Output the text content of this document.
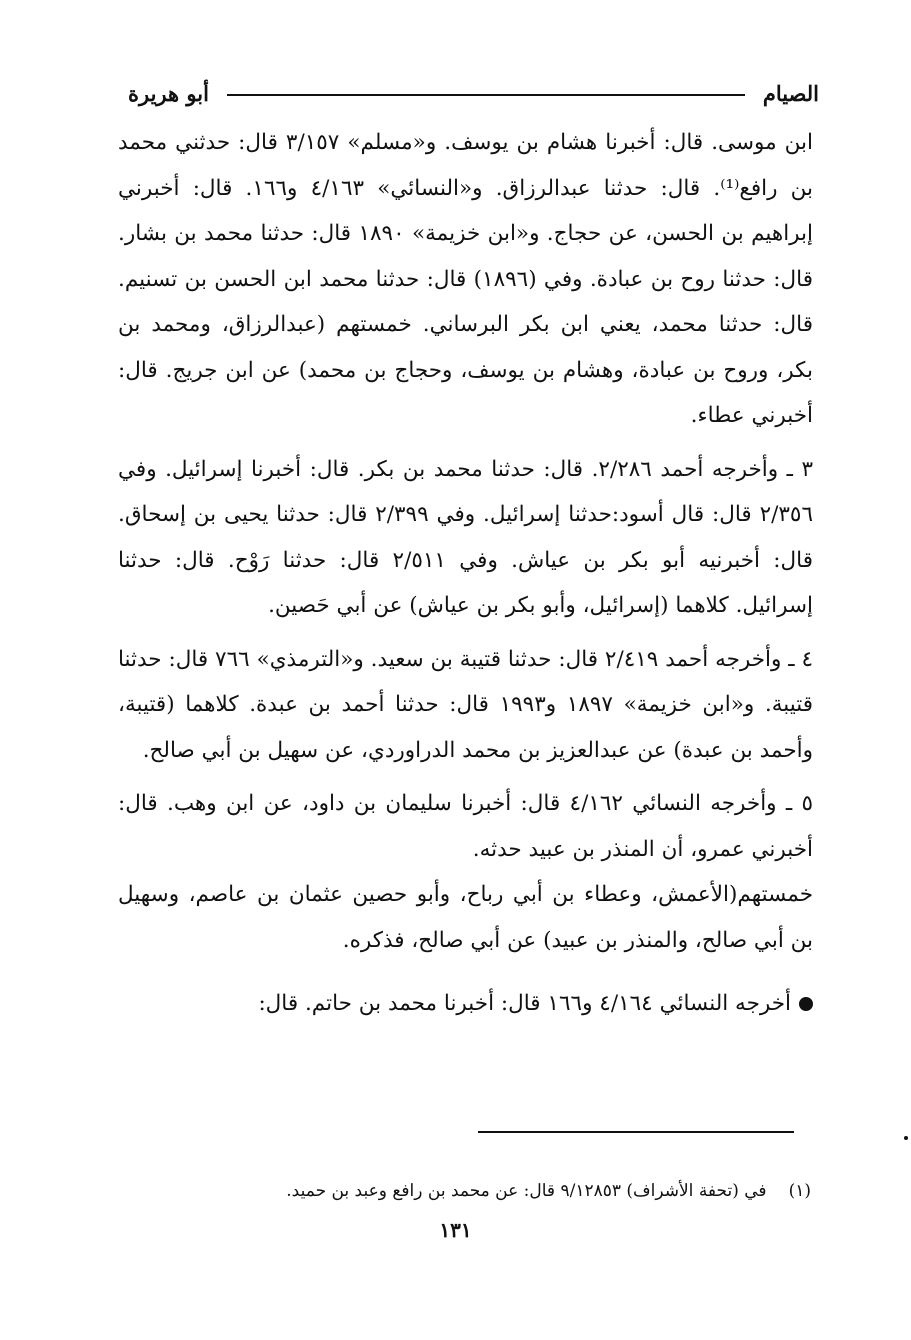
الصيام
أبو هريرة

ابن موسى. قال: أخبرنا هشام بن يوسف. و«مسلم» ٣/١٥٧ قال: حدثني محمد بن رافع⁽¹⁾. قال: حدثنا عبدالرزاق. و«النسائي» ٤/١٦٣ و١٦٦. قال: أخبرني إبراهيم بن الحسن، عن حجاج. و«ابن خزيمة» ١٨٩٠ قال: حدثنا محمد بن بشار. قال: حدثنا روح بن عبادة. وفي (١٨٩٦) قال: حدثنا محمد ابن الحسن بن تسنيم. قال: حدثنا محمد، يعني ابن بكر البرساني. خمستهم (عبدالرزاق، ومحمد بن بكر، وروح بن عبادة، وهشام بن يوسف، وحجاج بن محمد) عن ابن جريج. قال: أخبرني عطاء.

٣ ـ وأخرجه أحمد ٢/٢٨٦. قال: حدثنا محمد بن بكر. قال: أخبرنا إسرائيل. وفي ٢/٣٥٦ قال: قال أسود:حدثنا إسرائيل. وفي ٢/٣٩٩ قال: حدثنا يحيى بن إسحاق. قال: أخبرنيه أبو بكر بن عياش. وفي ٢/٥١١ قال: حدثنا رَوْح. قال: حدثنا إسرائيل. كلاهما (إسرائيل، وأبو بكر بن عياش) عن أبي حَصين.

٤ ـ وأخرجه أحمد ٢/٤١٩ قال: حدثنا قتيبة بن سعيد. و«الترمذي» ٧٦٦ قال: حدثنا قتيبة. و«ابن خزيمة» ١٨٩٧ و١٩٩٣ قال: حدثنا أحمد بن عبدة. كلاهما (قتيبة، وأحمد بن عبدة) عن عبدالعزيز بن محمد الدراوردي، عن سهيل بن أبي صالح.

٥ ـ وأخرجه النسائي ٤/١٦٢ قال: أخبرنا سليمان بن داود، عن ابن وهب. قال: أخبرني عمرو، أن المنذر بن عبيد حدثه.

خمستهم(الأعمش، وعطاء بن أبي رباح، وأبو حصين عثمان بن عاصم، وسهيل بن أبي صالح، والمنذر بن عبيد) عن أبي صالح، فذكره.

أخرجه النسائي ٤/١٦٤ و١٦٦ قال: أخبرنا محمد بن حاتم. قال:

(١)في (تحفة الأشراف) ٩/١٢٨٥٣ قال: عن محمد بن رافع وعبد بن حميد.
١٣١
